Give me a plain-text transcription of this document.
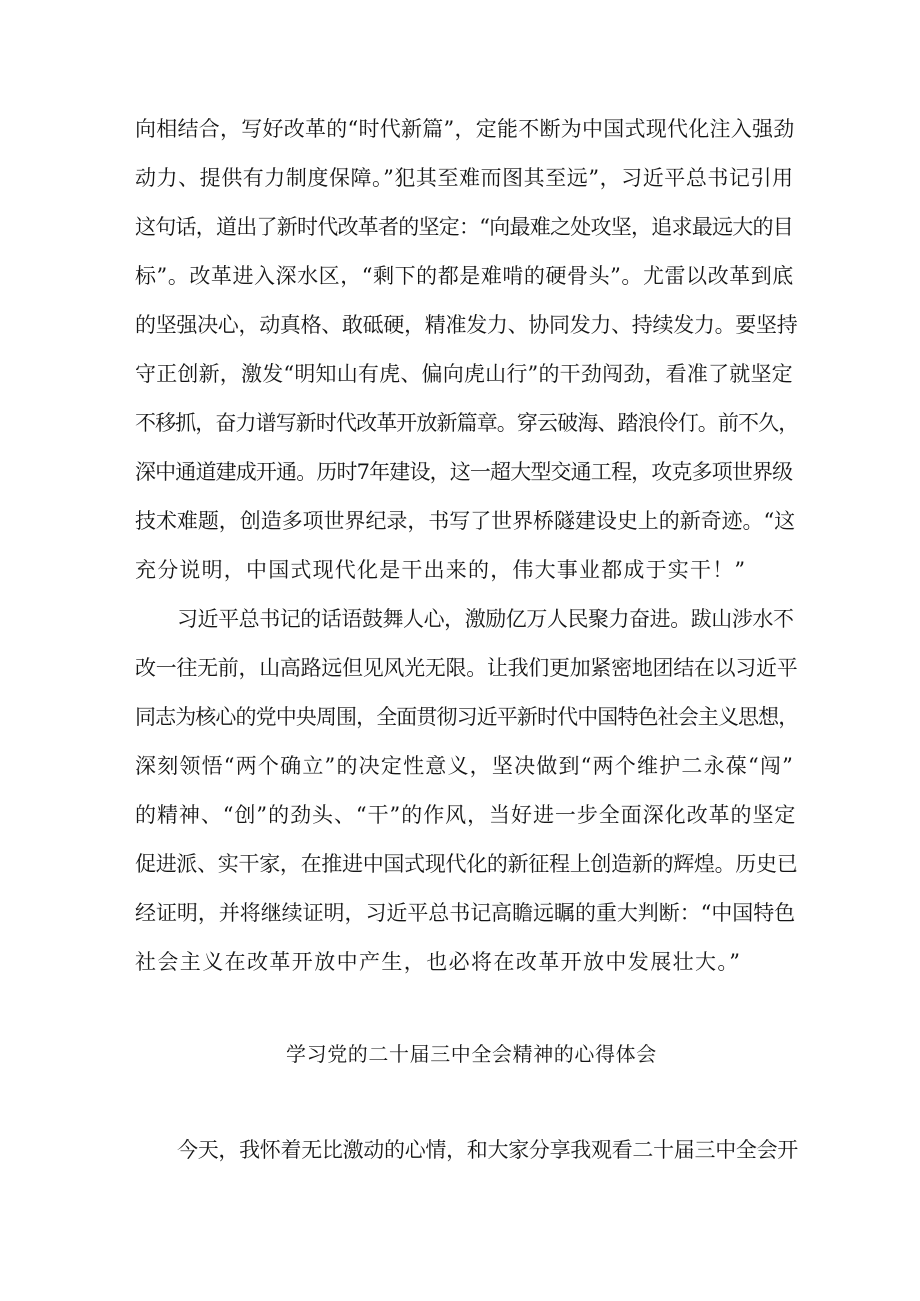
向相结合，写好改革的“时代新篇”，定能不断为中国式现代化注入强劲
动力、提供有力制度保障。”犯其至难而图其至远”，习近平总书记引用
这句话，道出了新时代改革者的坚定：“向最难之处攻坚，追求最远大的目
标”。改革进入深水区，“剩下的都是难啃的硬骨头”。尤雷以改革到底
的坚强决心，动真格、敢砥硬，精准发力、协同发力、持续发力。要坚持
守正创新，激发“明知山有虎、偏向虎山行”的干劲闯劲，看准了就坚定
不移抓，奋力谱写新时代改革开放新篇章。穿云破海、踏浪伶仃。前不久，
深中通道建成开通。历时7年建设，这一超大型交通工程，攻克多项世界级
技术难题，创造多项世界纪录，书写了世界桥隧建设史上的新奇迹。“这
充分说明，中国式现代化是干出来的，伟大事业都成于实干！”
习近平总书记的话语鼓舞人心，激励亿万人民聚力奋进。跋山涉水不
改一往无前，山高路远但见风光无限。让我们更加紧密地团结在以习近平
同志为核心的党中央周围，全面贯彻习近平新时代中国特色社会主义思想，
深刻领悟“两个确立”的决定性意义，坚决做到“两个维护二永葆“闯”
的精神、“创”的劲头、“干”的作风，当好进一步全面深化改革的坚定
促进派、实干家，在推进中国式现代化的新征程上创造新的辉煌。历史已
经证明，并将继续证明，习近平总书记高瞻远瞩的重大判断：“中国特色
社会主义在改革开放中产生，也必将在改革开放中发展壮大。”
学习党的二十届三中全会精神的心得体会
今天，我怀着无比激动的心情，和大家分享我观看二十届三中全会开
